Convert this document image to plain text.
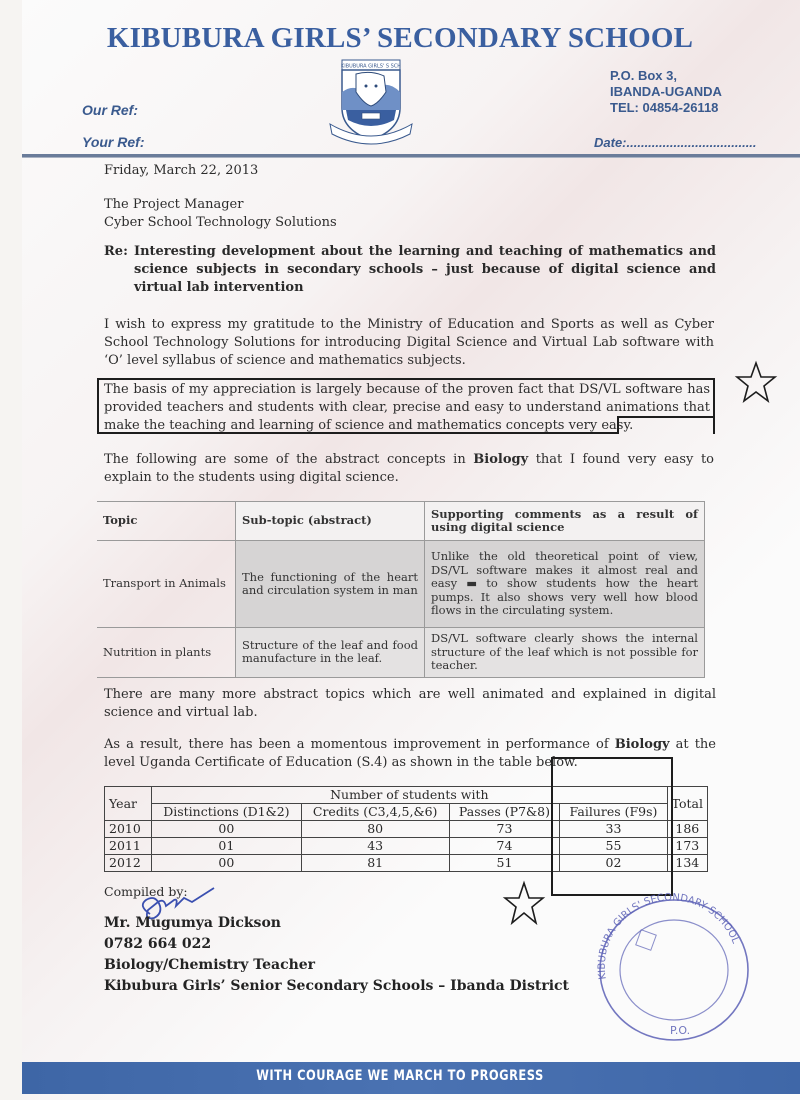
KIBUBURA GIRLS’ SECONDARY SCHOOL
Our Ref:
Your Ref:
KIBUBURA GIRLS' S SCH
P.O. Box 3,
IBANDA-UGANDA
TEL: 04854-26118
Date:....................................
Friday, March 22, 2013
The Project Manager
Cyber School Technology Solutions
Re: Interesting development about the learning and teaching of mathematics and science subjects in secondary schools – just because of digital science and virtual lab intervention
I wish to express my gratitude to the Ministry of Education and Sports as well as Cyber School Technology Solutions for introducing Digital Science and Virtual Lab software with ‘O’ level syllabus of science and mathematics subjects.
The basis of my appreciation is largely because of the proven fact that DS/VL software has provided teachers and students with clear, precise and easy to understand animations that make the teaching and learning of science and mathematics concepts very easy.
The following are some of the abstract concepts in Biology that I found very easy to explain to the students using digital science.
Topic	Sub-topic (abstract)	Supporting comments as a result of using digital science
Transport in Animals	The functioning of the heart and circulation system in man	Unlike the old theoretical point of view, DS/VL software makes it almost real and easy ▬ to show students how the heart pumps. It also shows very well how blood flows in the circulating system.
Nutrition in plants	Structure of the leaf and food manufacture in the leaf.	DS/VL software clearly shows the internal structure of the leaf which is not possible for teacher.
There are many more abstract topics which are well animated and explained in digital science and virtual lab.
As a result, there has been a momentous improvement in performance of Biology at the level Uganda Certificate of Education (S.4) as shown in the table below.
Year	Number of students with				Total
	Distinctions (D1&2)	Credits (C3,4,5,&6)	Passes (P7&8)	Failures (F9s)	
2010	00	80	73	33	186
2011	01	43	74	55	173
2012	00	81	51	02	134
Compiled by:
Mr. Mugumya Dickson
0782 664 022
Biology/Chemistry Teacher
Kibubura Girls’ Senior Secondary Schools – Ibanda District
KIBUBURA GIRLS' SECONDARY SCHOOL
P.O.
WITH COURAGE WE MARCH TO PROGRESS
